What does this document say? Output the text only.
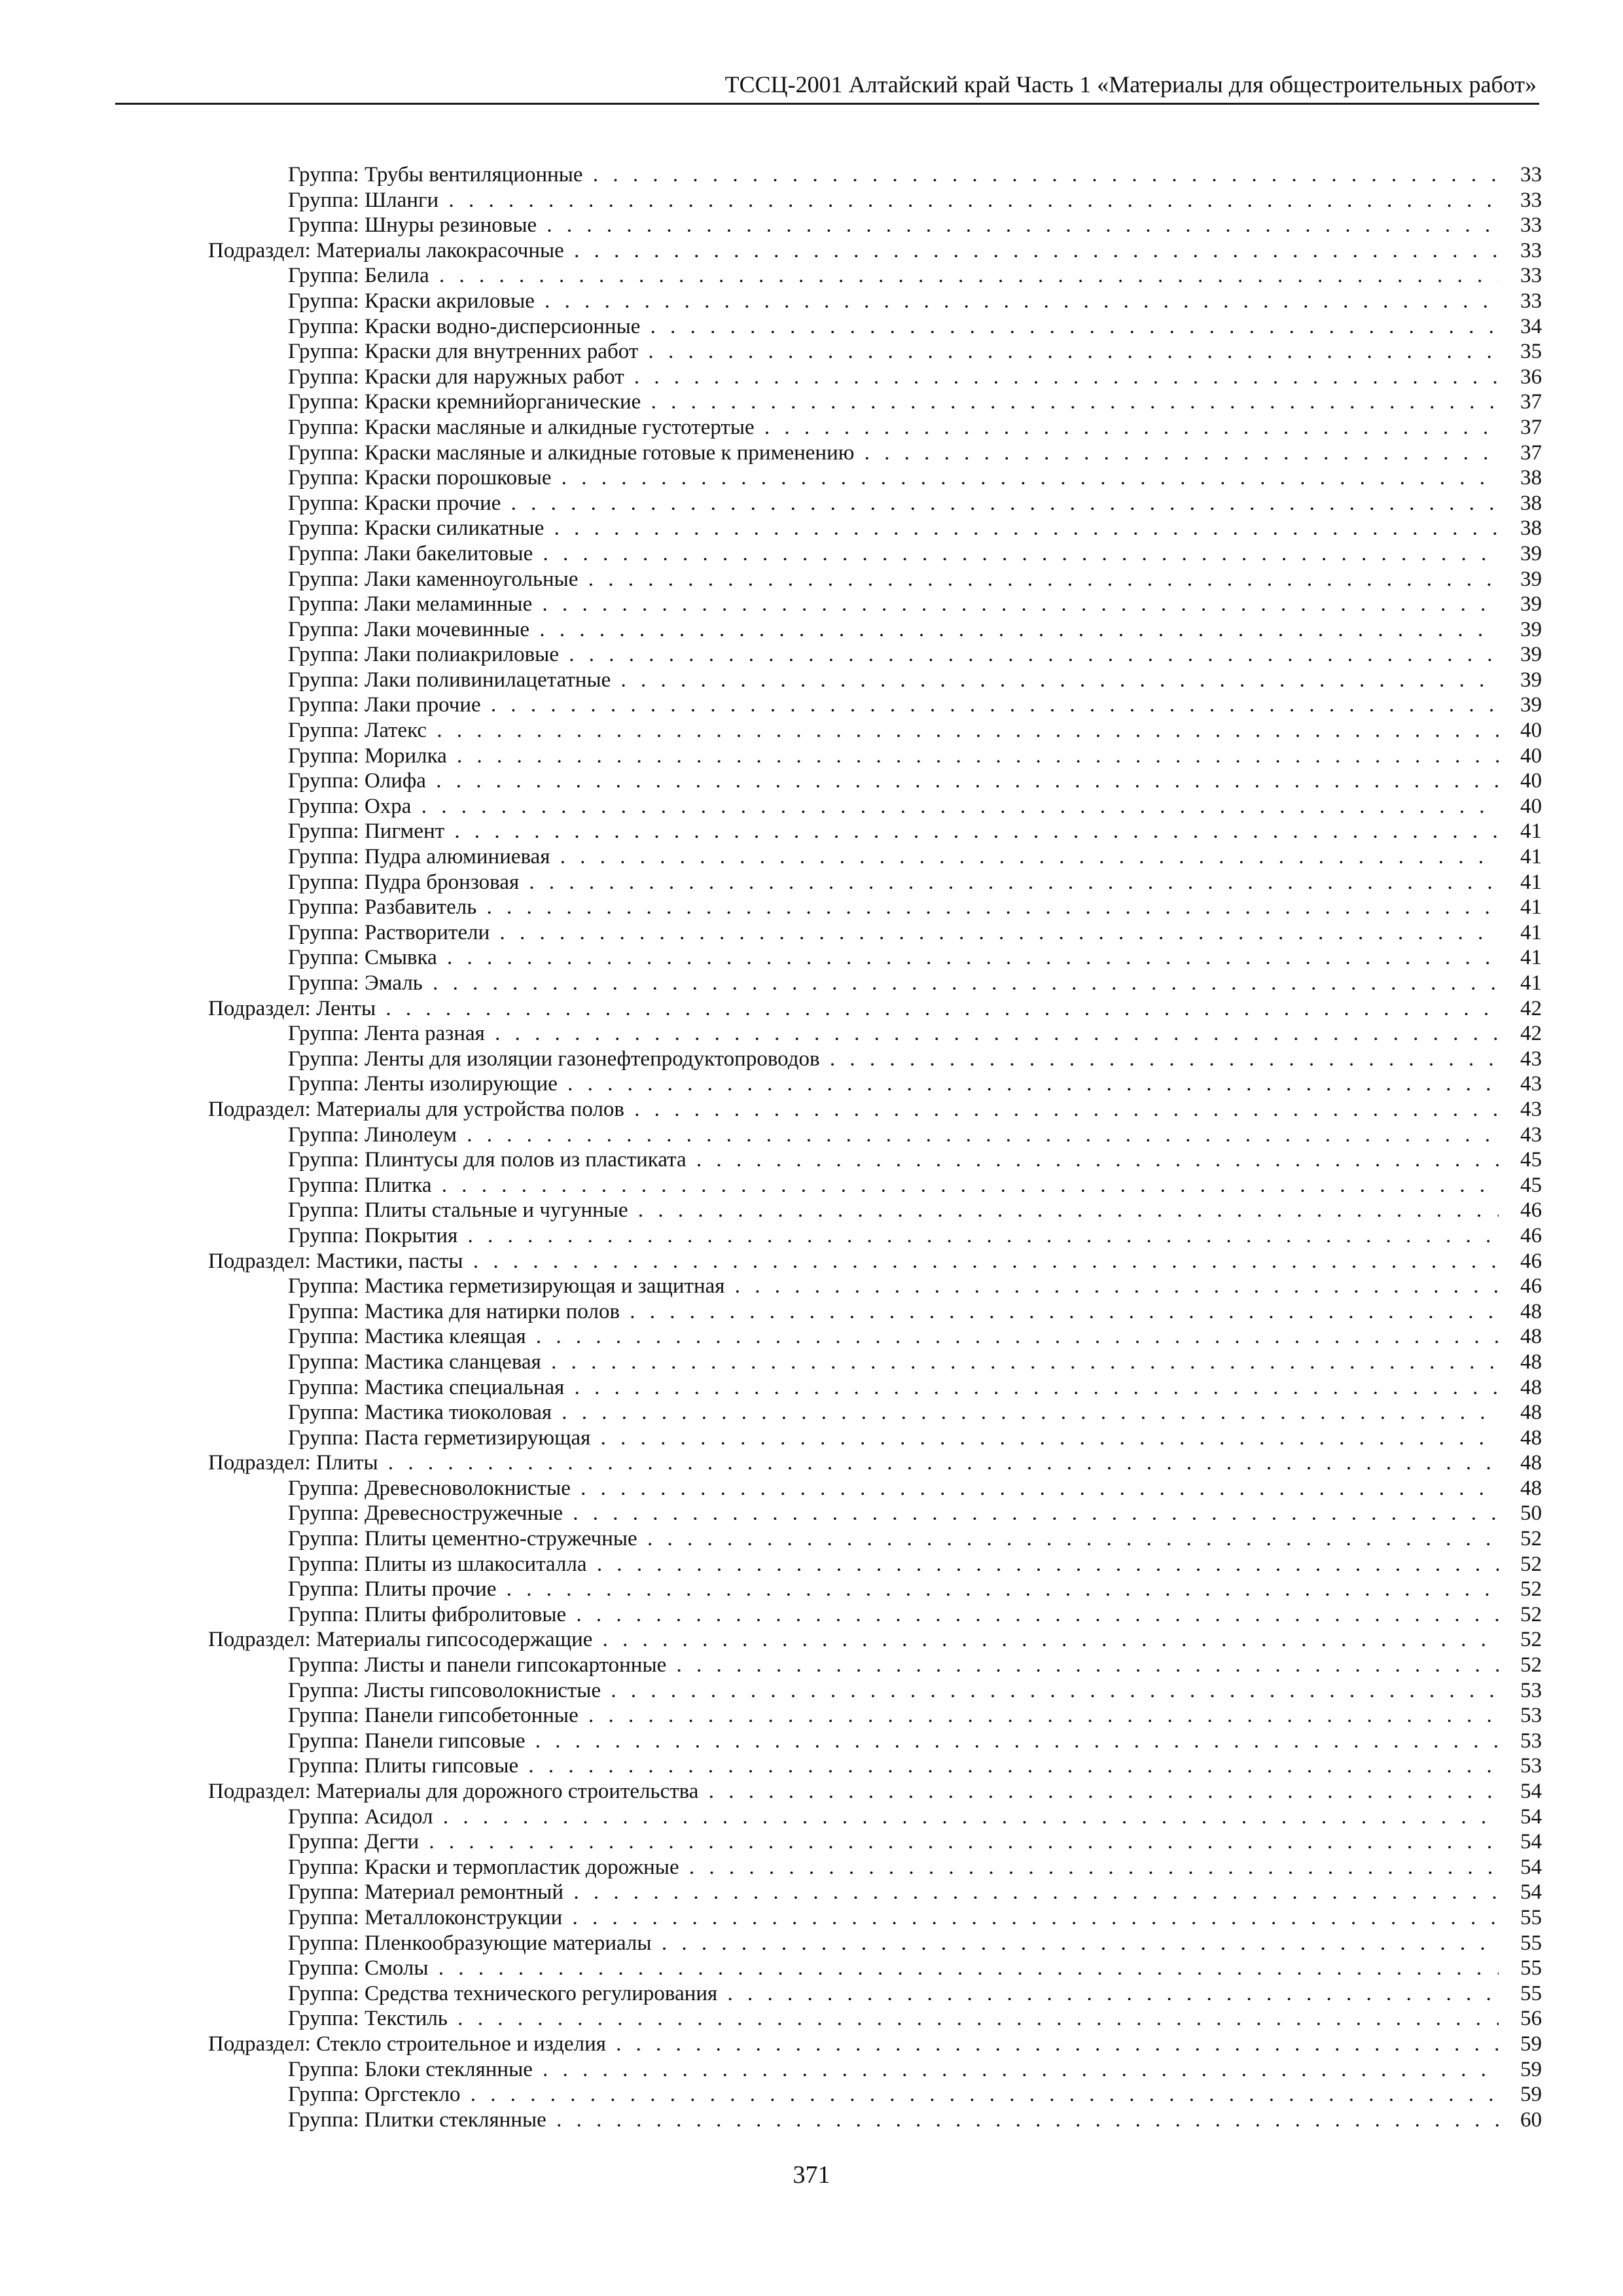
ТССЦ-2001 Алтайский край Часть 1 «Материалы для общестроительных работ»
Группа: Трубы вентиляционные . . .	33
Группа: Шланги . . .	33
Группа: Шнуры резиновые . . .	33
Подраздел: Материалы лакокрасочные . . .	33
Группа: Белила . . .	33
Группа: Краски акриловые . . .	33
Группа: Краски водно-дисперсионные . . .	34
Группа: Краски для внутренних работ . . .	35
Группа: Краски для наружных работ . . .	36
Группа: Краски кремнийорганические . . .	37
Группа: Краски масляные и алкидные густотертые . . .	37
Группа: Краски масляные и алкидные готовые к применению . . .	37
Группа: Краски порошковые . . .	38
Группа: Краски прочие . . .	38
Группа: Краски силикатные . . .	38
Группа: Лаки бакелитовые . . .	39
Группа: Лаки каменноугольные . . .	39
Группа: Лаки меламинные . . .	39
Группа: Лаки мочевинные . . .	39
Группа: Лаки полиакриловые . . .	39
Группа: Лаки поливинилацетатные . . .	39
Группа: Лаки прочие . . .	39
Группа: Латекс . . .	40
Группа: Морилка . . .	40
Группа: Олифа . . .	40
Группа: Охра . . .	40
Группа: Пигмент . . .	41
Группа: Пудра алюминиевая . . .	41
Группа: Пудра бронзовая . . .	41
Группа: Разбавитель . . .	41
Группа: Растворители . . .	41
Группа: Смывка . . .	41
Группа: Эмаль . . .	41
Подраздел: Ленты . . .	42
Группа: Лента разная . . .	42
Группа: Ленты для изоляции газонефтепродуктопроводов . . .	43
Группа: Ленты изолирующие . . .	43
Подраздел: Материалы для устройства полов . . .	43
Группа: Линолеум . . .	43
Группа: Плинтусы для полов из пластиката . . .	45
Группа: Плитка . . .	45
Группа: Плиты стальные и чугунные . . .	46
Группа: Покрытия . . .	46
Подраздел: Мастики, пасты . . .	46
Группа: Мастика герметизирующая и защитная . . .	46
Группа: Мастика для натирки полов . . .	48
Группа: Мастика клеящая . . .	48
Группа: Мастика сланцевая . . .	48
Группа: Мастика специальная . . .	48
Группа: Мастика тиоколовая . . .	48
Группа: Паста герметизирующая . . .	48
Подраздел: Плиты . . .	48
Группа: Древесноволокнистые . . .	48
Группа: Древесностружечные . . .	50
Группа: Плиты цементно-стружечные . . .	52
Группа: Плиты из шлакоситалла . . .	52
Группа: Плиты прочие . . .	52
Группа: Плиты фибролитовые . . .	52
Подраздел: Материалы гипсосодержащие . . .	52
Группа: Листы и панели гипсокартонные . . .	52
Группа: Листы гипсоволокнистые . . .	53
Группа: Панели гипсобетонные . . .	53
Группа: Панели гипсовые . . .	53
Группа: Плиты гипсовые . . .	53
Подраздел: Материалы для дорожного строительства . . .	54
Группа: Асидол . . .	54
Группа: Дегти . . .	54
Группа: Краски и термопластик дорожные . . .	54
Группа: Материал ремонтный . . .	54
Группа: Металлоконструкции . . .	55
Группа: Пленкообразующие материалы . . .	55
Группа: Смолы . . .	55
Группа: Средства технического регулирования . . .	55
Группа: Текстиль . . .	56
Подраздел: Стекло строительное и изделия . . .	59
Группа: Блоки стеклянные . . .	59
Группа: Оргстекло . . .	59
Группа: Плитки стеклянные . . .	60
371
